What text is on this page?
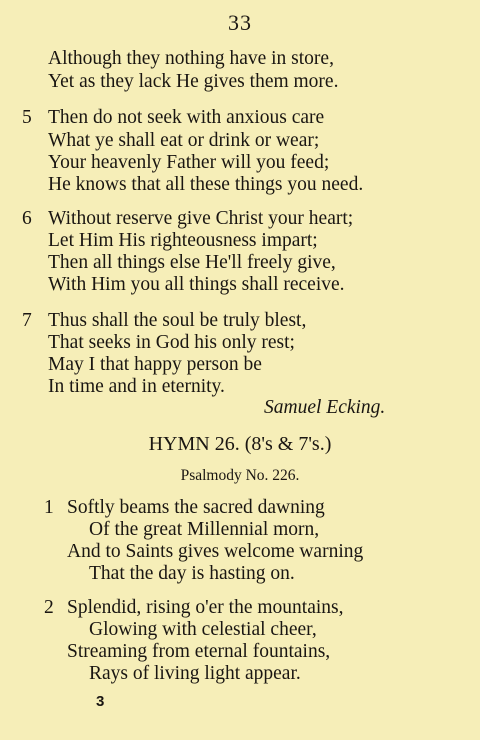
33
Although they nothing have in store,
Yet as they lack He gives them more.
5 Then do not seek with anxious care
What ye shall eat or drink or wear;
Your heavenly Father will you feed;
He knows that all these things you need.
6 Without reserve give Christ your heart;
Let Him His righteousness impart;
Then all things else He'll freely give,
With Him you all things shall receive.
7 Thus shall the soul be truly blest,
That seeks in God his only rest;
May I that happy person be
In time and in eternity.
Samuel Ecking.
HYMN 26. (8's & 7's.)
Psalmody No. 226.
1 Softly beams the sacred dawning
Of the great Millennial morn,
And to Saints gives welcome warning
That the day is hasting on.
2 Splendid, rising o'er the mountains,
Glowing with celestial cheer,
Streaming from eternal fountains,
Rays of living light appear.
3
